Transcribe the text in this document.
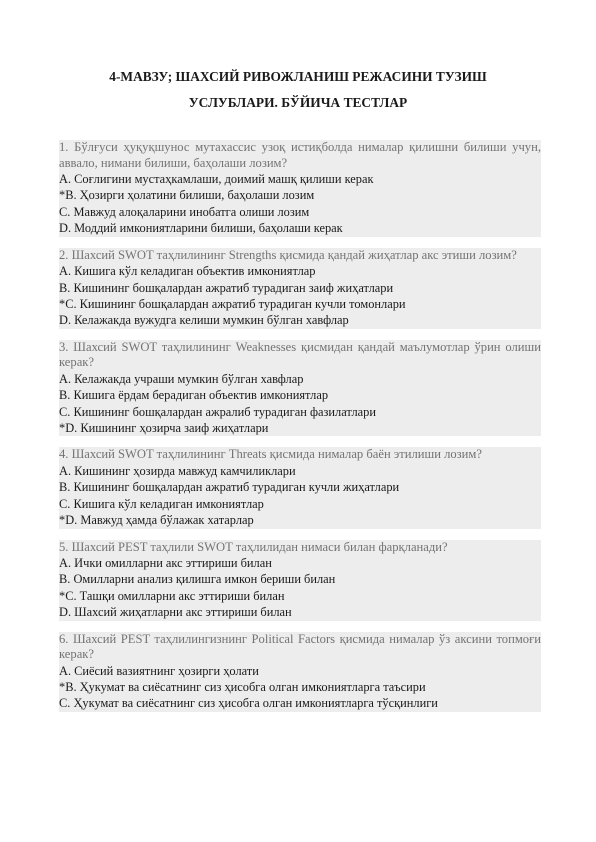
4-МАВЗУ; ШАХСИЙ РИВОЖЛАНИШ РЕЖАСИНИ ТУЗИШ
УСЛУБЛАРИ. БЎЙИЧА ТЕСТЛАР
1. Бўлғуси ҳуқуқшунос мутахассис узоқ истиқболда нималар қилишни билиши учун, аввало, нимани билиши, баҳолаши лозим?
A. Соғлигини мустаҳкамлаши, доимий машқ қилиши керак
*B. Ҳозирги ҳолатини билиши, баҳолаши лозим
C. Мавжуд алоқаларини инобатга олиши лозим
D. Моддий имкониятларини билиши, баҳолаши керак
2. Шахсий SWOT таҳлилининг Strengths қисмида қандай жиҳатлар акс этиши лозим?
A. Кишига кўл келадиган объектив имкониятлар
B. Кишининг бошқалардан ажратиб турадиган заиф жиҳатлари
*C. Кишининг бошқалардан ажратиб турадиган кучли томонлари
D. Келажакда вужудга келиши мумкин бўлган хавфлар
3. Шахсий SWOT таҳлилининг Weaknesses қисмидан қандай маълумотлар ўрин олиши керак?
A. Келажакда учраши мумкин бўлган хавфлар
B. Кишига ёрдам берадиган объектив имкониятлар
C. Кишининг бошқалардан ажралиб турадиган фазилатлари
*D. Кишининг ҳозирча заиф жиҳатлари
4. Шахсий SWOT таҳлилининг Threats қисмида нималар баён этилиши лозим?
A. Кишининг ҳозирда мавжуд камчиликлари
B. Кишининг бошқалардан ажратиб турадиган кучли жиҳатлари
C. Кишига кўл келадиган имкониятлар
*D. Мавжуд ҳамда бўлажак хатарлар
5. Шахсий PEST таҳлили SWOT таҳлилидан нимаси билан фарқланади?
A. Ички омилларни акс эттириши билан
B. Омилларни анализ қилишга имкон бериши билан
*C. Ташқи омилларни акс эттириши билан
D. Шахсий жиҳатларни акс эттириши билан
6. Шахсий PEST таҳлилингизнинг Political Factors қисмида нималар ўз аксини топмоғи керак?
A. Сиёсий вазиятнинг ҳозирги ҳолати
*B. Ҳукумат ва сиёсатнинг сиз ҳисобга олган имкониятларга таъсири
C. Ҳукумат ва сиёсатнинг сиз ҳисобга олган имкониятларга тўсқинлиги
